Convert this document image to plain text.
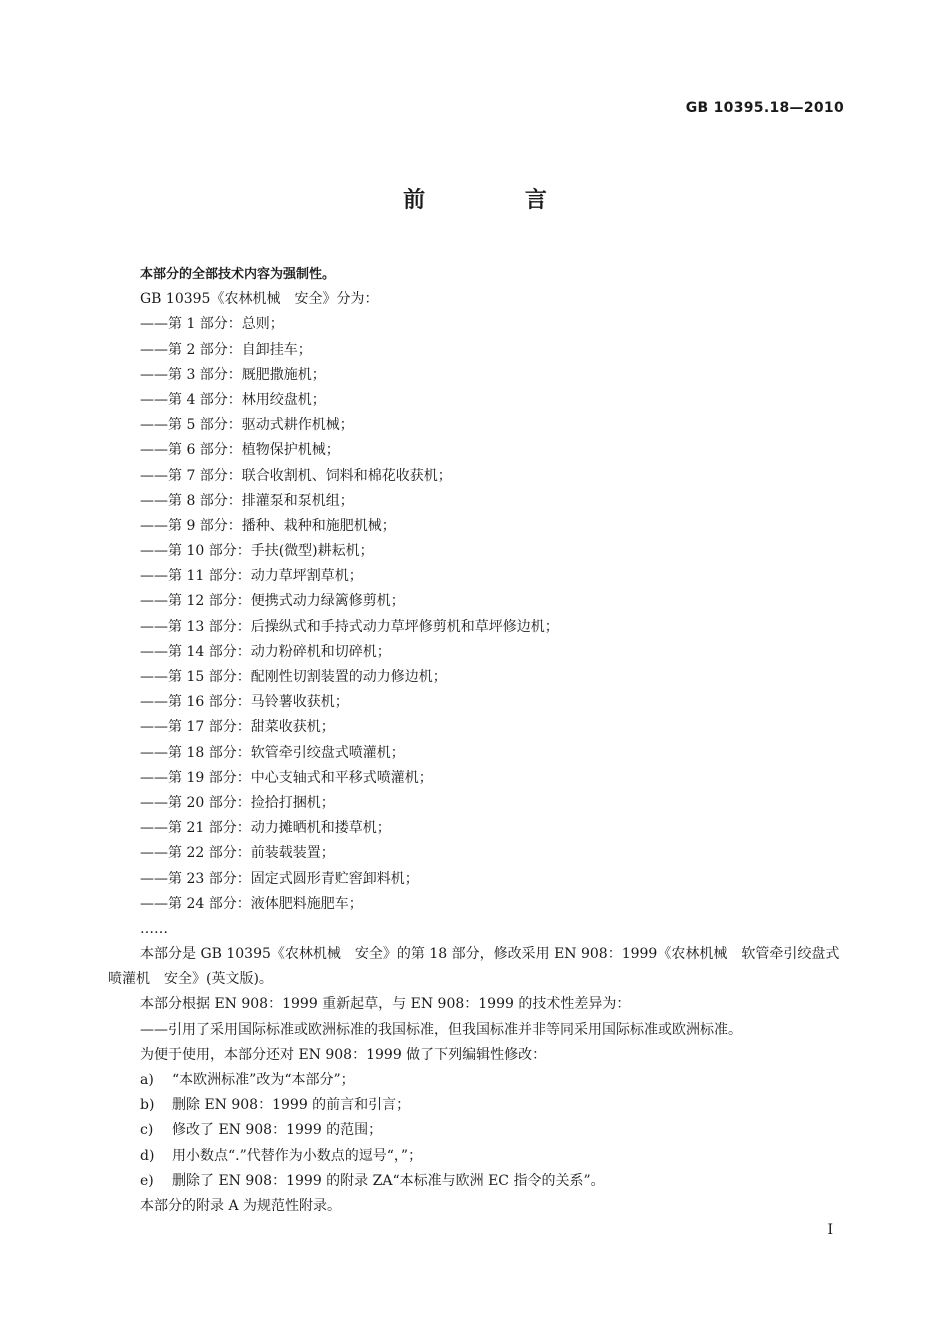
GB 10395.18—2010
前 言
本部分的全部技术内容为强制性。
GB 10395《农林机械　安全》分为：
——第 1 部分：总则；
——第 2 部分：自卸挂车；
——第 3 部分：厩肥撒施机；
——第 4 部分：林用绞盘机；
——第 5 部分：驱动式耕作机械；
——第 6 部分：植物保护机械；
——第 7 部分：联合收割机、饲料和棉花收获机；
——第 8 部分：排灌泵和泵机组；
——第 9 部分：播种、栽种和施肥机械；
——第 10 部分：手扶(微型)耕耘机；
——第 11 部分：动力草坪割草机；
——第 12 部分：便携式动力绿篱修剪机；
——第 13 部分：后操纵式和手持式动力草坪修剪机和草坪修边机；
——第 14 部分：动力粉碎机和切碎机；
——第 15 部分：配刚性切割装置的动力修边机；
——第 16 部分：马铃薯收获机；
——第 17 部分：甜菜收获机；
——第 18 部分：软管牵引绞盘式喷灌机；
——第 19 部分：中心支轴式和平移式喷灌机；
——第 20 部分：捡拾打捆机；
——第 21 部分：动力摊晒机和搂草机；
——第 22 部分：前装载装置；
——第 23 部分：固定式圆形青贮窖卸料机；
——第 24 部分：液体肥料施肥车；
……
本部分是 GB 10395《农林机械　安全》的第 18 部分，修改采用 EN 908：1999《农林机械　软管牵引绞盘式喷灌机　安全》(英文版)。
本部分根据 EN 908：1999 重新起草，与 EN 908：1999 的技术性差异为：
——引用了采用国际标准或欧洲标准的我国标准，但我国标准并非等同采用国际标准或欧洲标准。
为便于使用，本部分还对 EN 908：1999 做了下列编辑性修改：
a) “本欧洲标准”改为“本部分”；
b) 删除 EN 908：1999 的前言和引言；
c) 修改了 EN 908：1999 的范围；
d) 用小数点“.”代替作为小数点的逗号“，”；
e) 删除了 EN 908：1999 的附录 ZA“本标准与欧洲 EC 指令的关系”。
本部分的附录 A 为规范性附录。
I
